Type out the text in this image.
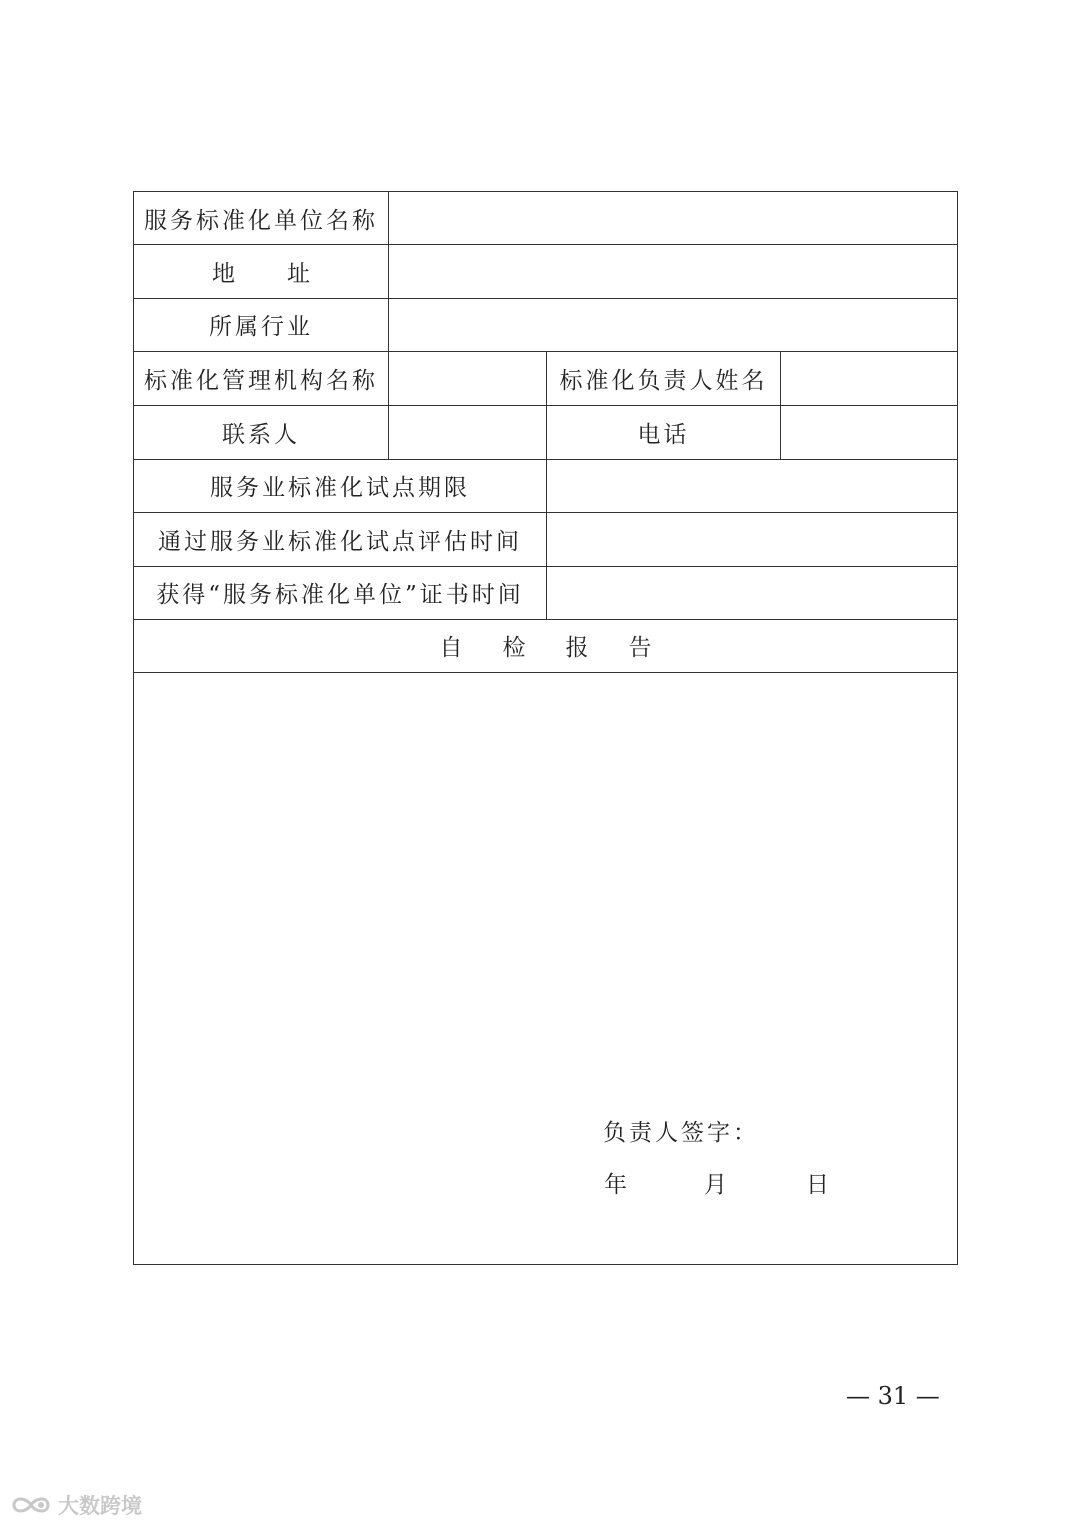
服务标准化单位名称
地址
所属行业
标准化管理机构名称	标准化负责人姓名
联系人	电话
服务业标准化试点期限
通过服务业标准化试点评估时间
获得“服务标准化单位”证书时间
自检报告
负责人签字：
年	月	日
— 31 —
大数跨境
